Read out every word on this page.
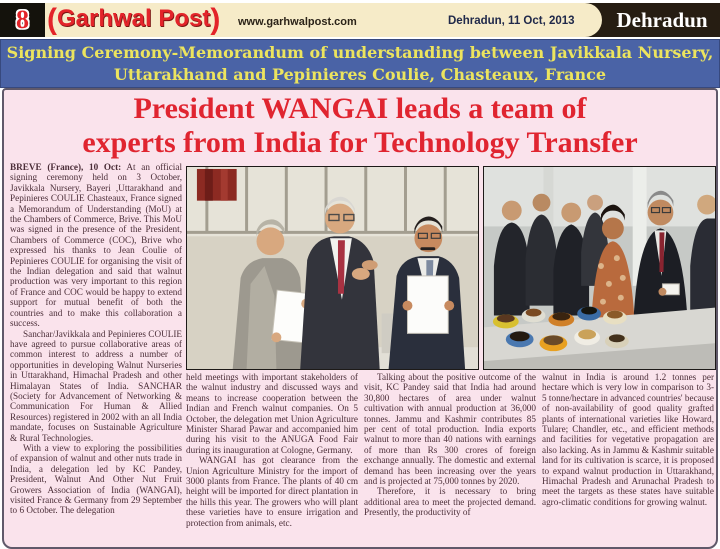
8 (Garhwal Post) www.garhwalpost.com	Dehradun, 11 Oct, 2013	Dehradun
Signing Ceremony-Memorandum of understanding between Javikkala Nursery,
Uttarakhand and Pepinieres Coulie, Chasteaux, France
President WANGAI leads a team of
experts from India for Technology Transfer

BREVE (France), 10 Oct: At an official signing ceremony held on 3 October, Javikkala Nursery, Bayeri ,Uttarakhand and Pepinieres COULIE Chasteaux, France signed a Memorandum of Understanding (MoU) at the Chambers of Commerce, Brive. This MoU was signed in the presence of the President, Chambers of Commerce (COC), Brive who expressed his thanks to Jean Coulie of Pepinieres COULIE for organising the visit of the Indian delegation and said that walnut production was very important to this region of France and COC would be happy to extend support for mutual benefit of both the countries and to make this collaboration a success.

Sanchar/Javikkala and Pepinieres COULIE have agreed to pursue collaborative areas of common interest to address a number of opportunities in developing Walnut Nurseries in Uttarakhand, Himachal Pradesh and other Himalayan States of India. SANCHAR (Society for Advancement of Networking & Communication For Human & Allied Resources) registered in 2002 with an all India mandate, focuses on Sustainable Agriculture & Rural Technologies.

With a view to exploring the possibilities of expansion of walnut and other nuts trade in India, a delegation led by KC Pandey, President, Walnut And Other Nut Fruit Growers Association of India (WANGAI), visited France & Germany from 29 September to 6 October. The delegation

held meetings with important stakeholders of the walnut industry and discussed ways and means to increase cooperation between the Indian and French walnut companies. On 5 October, the delegation met Union Agriculture Minister Sharad Pawar and accompanied him during his visit to the ANUGA Food Fair during its inauguration at Cologne, Germany.

WANGAI has got clearance from the Union Agriculture Ministry for the import of 3000 plants from France. The plants of 40 cm height will be imported for direct plantation in the hills this year. The growers who will plant these varieties have to ensure irrigation and protection from animals, etc.

Talking about the positive outcome of the visit, KC Pandey said that India had around 30,800 hectares of area under walnut cultivation with annual production at 36,000 tonnes. Jammu and Kashmir contributes 85 per cent of total production. India exports walnut to more than 40 nations with earnings of more than Rs 300 crores of foreign exchange annually. The domestic and external demand has been increasing over the years and is projected at 75,000 tonnes by 2020.

Therefore, it is necessary to bring additional area to meet the projected demand. Presently, the productivity of

walnut in India is around 1.2 tonnes per hectare which is very low in comparison to 3-5 tonne/hectare in advanced countries' because of non-availability of good quality grafted plants of international varieties like Howard, Tulare; Chandler, etc., and efficient methods and facilities for vegetative propagation are also lacking. As in Jammu & Kashmir suitable land for its cultivation is scarce, it is proposed to expand walnut production in Uttarakhand, Himachal Pradesh and Arunachal Pradesh to meet the targets as these states have suitable agro-climatic conditions for growing walnut.
